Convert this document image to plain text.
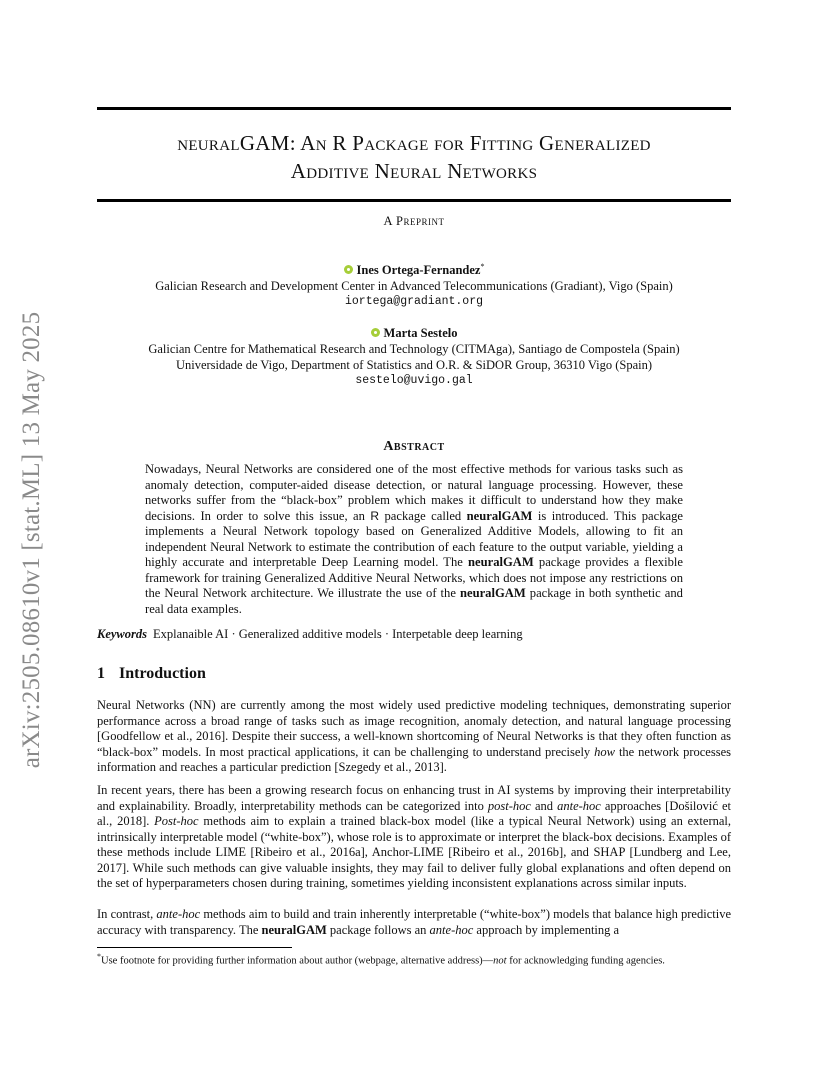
arXiv:2505.08610v1 [stat.ML] 13 May 2025
neuralGAM: An R Package for Fitting Generalized
Additive Neural Networks
A Preprint
Ines Ortega-Fernandez*
Galician Research and Development Center in Advanced Telecommunications (Gradiant), Vigo (Spain)
iortega@gradiant.org
Marta Sestelo
Galician Centre for Mathematical Research and Technology (CITMAga), Santiago de Compostela (Spain)
Universidade de Vigo, Department of Statistics and O.R. & SiDOR Group, 36310 Vigo (Spain)
sestelo@uvigo.gal
Abstract
Nowadays, Neural Networks are considered one of the most effective methods for various tasks such as anomaly detection, computer-aided disease detection, or natural language processing. However, these networks suffer from the “black-box” problem which makes it difficult to understand how they make decisions. In order to solve this issue, an R package called neuralGAM is introduced. This package implements a Neural Network topology based on Generalized Additive Models, allowing to fit an independent Neural Network to estimate the contribution of each feature to the output variable, yielding a highly accurate and interpretable Deep Learning model. The neuralGAM package provides a flexible framework for training Generalized Additive Neural Networks, which does not impose any restrictions on the Neural Network architecture. We illustrate the use of the neuralGAM package in both synthetic and real data examples.
Keywords Explanaible AI · Generalized additive models · Interpetable deep learning
1 Introduction

Neural Networks (NN) are currently among the most widely used predictive modeling techniques, demonstrating superior performance across a broad range of tasks such as image recognition, anomaly detection, and natural language processing [Goodfellow et al., 2016]. Despite their success, a well-known shortcoming of Neural Networks is that they often function as “black-box” models. In most practical applications, it can be challenging to understand precisely how the network processes information and reaches a particular prediction [Szegedy et al., 2013].

In recent years, there has been a growing research focus on enhancing trust in AI systems by improving their interpretability and explainability. Broadly, interpretability methods can be categorized into post-hoc and ante-hoc approaches [Došilović et al., 2018]. Post-hoc methods aim to explain a trained black-box model (like a typical Neural Network) using an external, intrinsically interpretable model (“white-box”), whose role is to approximate or interpret the black-box decisions. Examples of these methods include LIME [Ribeiro et al., 2016a], Anchor-LIME [Ribeiro et al., 2016b], and SHAP [Lundberg and Lee, 2017]. While such methods can give valuable insights, they may fail to deliver fully global explanations and often depend on the set of hyperparameters chosen during training, sometimes yielding inconsistent explanations across similar inputs.

In contrast, ante-hoc methods aim to build and train inherently interpretable (“white-box”) models that balance high predictive accuracy with transparency. The neuralGAM package follows an ante-hoc approach by implementing a

*Use footnote for providing further information about author (webpage, alternative address)—not for acknowledging funding agencies.
